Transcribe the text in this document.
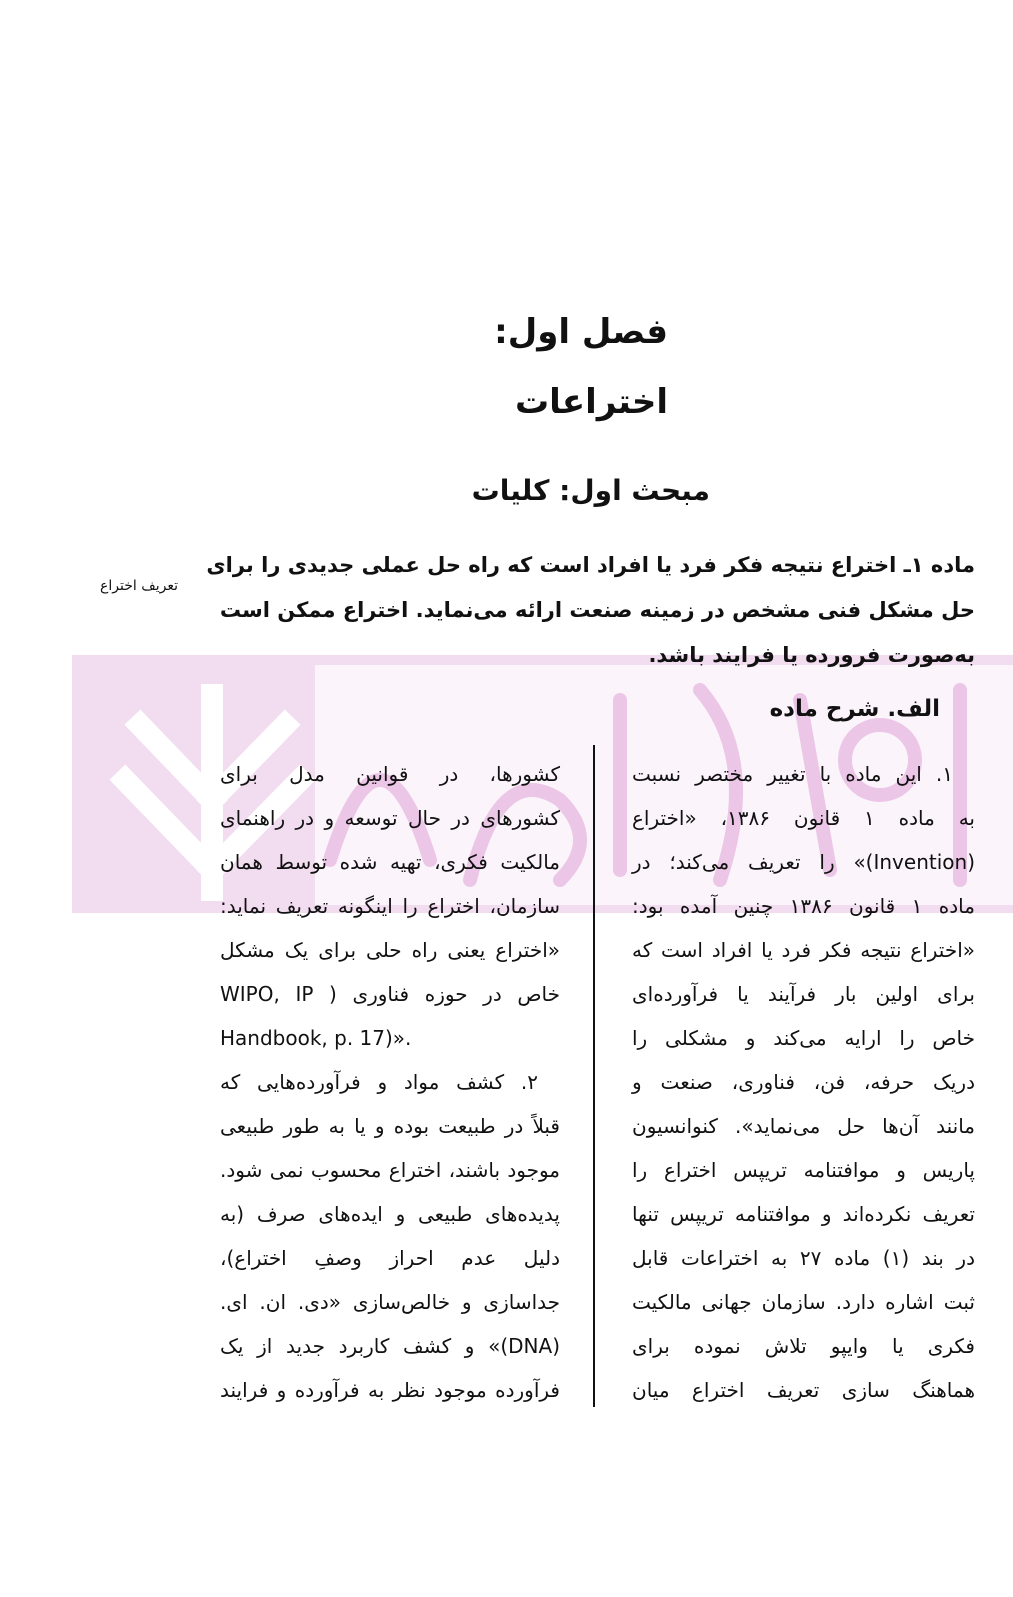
فصل اول:
اختراعات
مبحث اول: کلیات
تعریف اختراع
ماده ۱ـ اختراع نتیجه فکر فرد یا افراد است که راه حل عملی جدیدی را برای
حل مشکل فنی مشخص در زمینه صنعت ارائه می‌نماید. اختراع ممکن است
به‌صورت فرورده یا فرایند باشد.
الف. شرح ماده
۱. این ماده با تغییر مختصر نسبت
به ماده ۱ قانون ۱۳۸۶، «اختراع
(Invention)» را تعریف می‌کند؛ در
ماده ۱ قانون ۱۳۸۶ چنین آمده بود:
«اختراع نتیجه فکر فرد یا افراد است که
برای اولین بار فرآیند یا فرآورده‌ای
خاص را ارایه می‌کند و مشکلی را
دریک حرفه، فن، فناوری، صنعت و
مانند آن‌ها حل می‌نماید». کنوانسیون
پاریس و موافتنامه تریپس اختراع را
تعریف نکرده‌اند و موافتنامه تریپس تنها
در بند (۱) ماده ۲۷ به اختراعات قابل
ثبت اشاره دارد. سازمان جهانی مالکیت
فکری یا وایپو تلاش نموده برای
هماهنگ سازی تعریف اختراع میان
کشورها، در قوانین مدل برای
کشورهای در حال توسعه و در راهنمای
مالکیت فکری، تهیه شده توسط همان
سازمان، اختراع را اینگونه تعریف نماید:
«اختراع یعنی راه حلی برای یک مشکل
خاص در حوزه فناوری ( WIPO, IP
Handbook, p. 17)».
۲. کشف مواد و فرآورده‌هایی که
قبلاً در طبیعت بوده و یا به طور طبیعی
موجود باشند، اختراع محسوب نمی شود.
پدیده‌های طبیعی و ایده‌های صرف (به
دلیل عدم احراز وصفِ اختراع)،
جداسازی و خالص‌سازی «دی. ان. ای.
(DNA)» و کشف کاربرد جدید از یک
فرآورده موجود نظر به فرآورده و فرایند
